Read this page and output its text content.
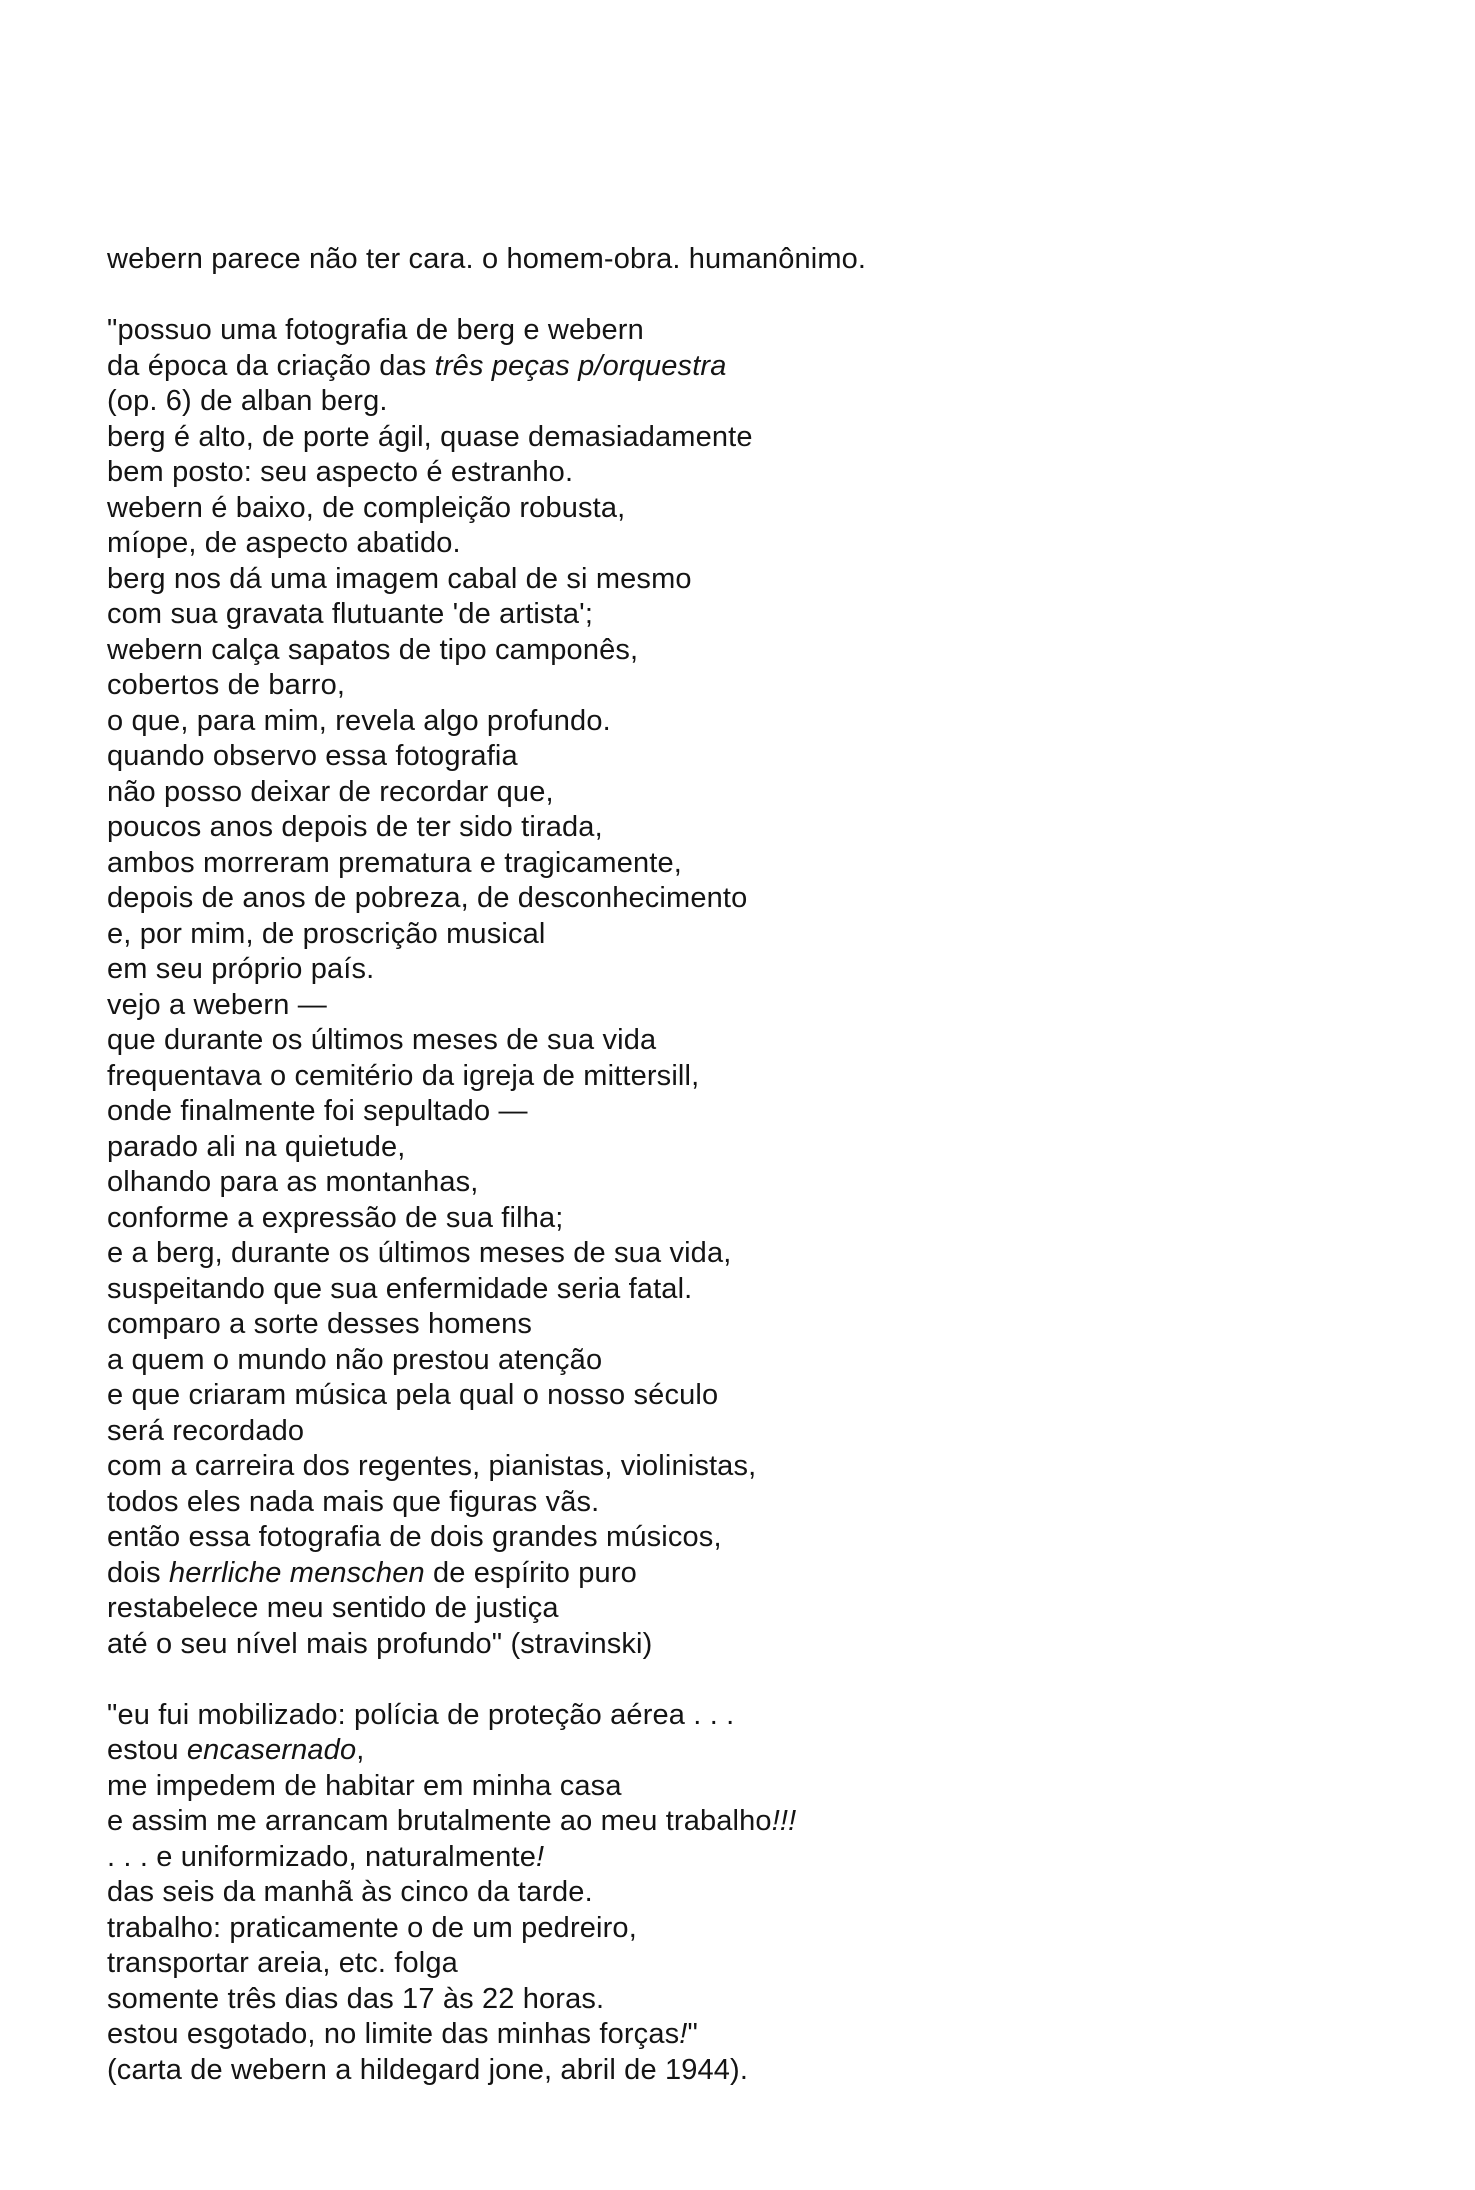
webern parece não ter cara. o homem-obra. humanônimo.
"possuo uma fotografia de berg e webern
da época da criação das três peças p/orquestra
(op. 6) de alban berg.
berg é alto, de porte ágil, quase demasiadamente
bem posto: seu aspecto é estranho.
webern é baixo, de compleição robusta,
míope, de aspecto abatido.
berg nos dá uma imagem cabal de si mesmo
com sua gravata flutuante 'de artista';
webern calça sapatos de tipo camponês,
cobertos de barro,
o que, para mim, revela algo profundo.
quando observo essa fotografia
não posso deixar de recordar que,
poucos anos depois de ter sido tirada,
ambos morreram prematura e tragicamente,
depois de anos de pobreza, de desconhecimento
e, por mim, de proscrição musical
em seu próprio país.
vejo a webern —
que durante os últimos meses de sua vida
frequentava o cemitério da igreja de mittersill,
onde finalmente foi sepultado —
parado ali na quietude,
olhando para as montanhas,
conforme a expressão de sua filha;
e a berg, durante os últimos meses de sua vida,
suspeitando que sua enfermidade seria fatal.
comparo a sorte desses homens
a quem o mundo não prestou atenção
e que criaram música pela qual o nosso século
será recordado
com a carreira dos regentes, pianistas, violinistas,
todos eles nada mais que figuras vãs.
então essa fotografia de dois grandes músicos,
dois herrliche menschen de espírito puro
restabelece meu sentido de justiça
até o seu nível mais profundo" (stravinski)
"eu fui mobilizado: polícia de proteção aérea . . .
estou encasernado,
me impedem de habitar em minha casa
e assim me arrancam brutalmente ao meu trabalho!!!
. . . e uniformizado, naturalmente!
das seis da manhã às cinco da tarde.
trabalho: praticamente o de um pedreiro,
transportar areia, etc. folga
somente três dias das 17 às 22 horas.
estou esgotado, no limite das minhas forças!"
(carta de webern a hildegard jone, abril de 1944).
